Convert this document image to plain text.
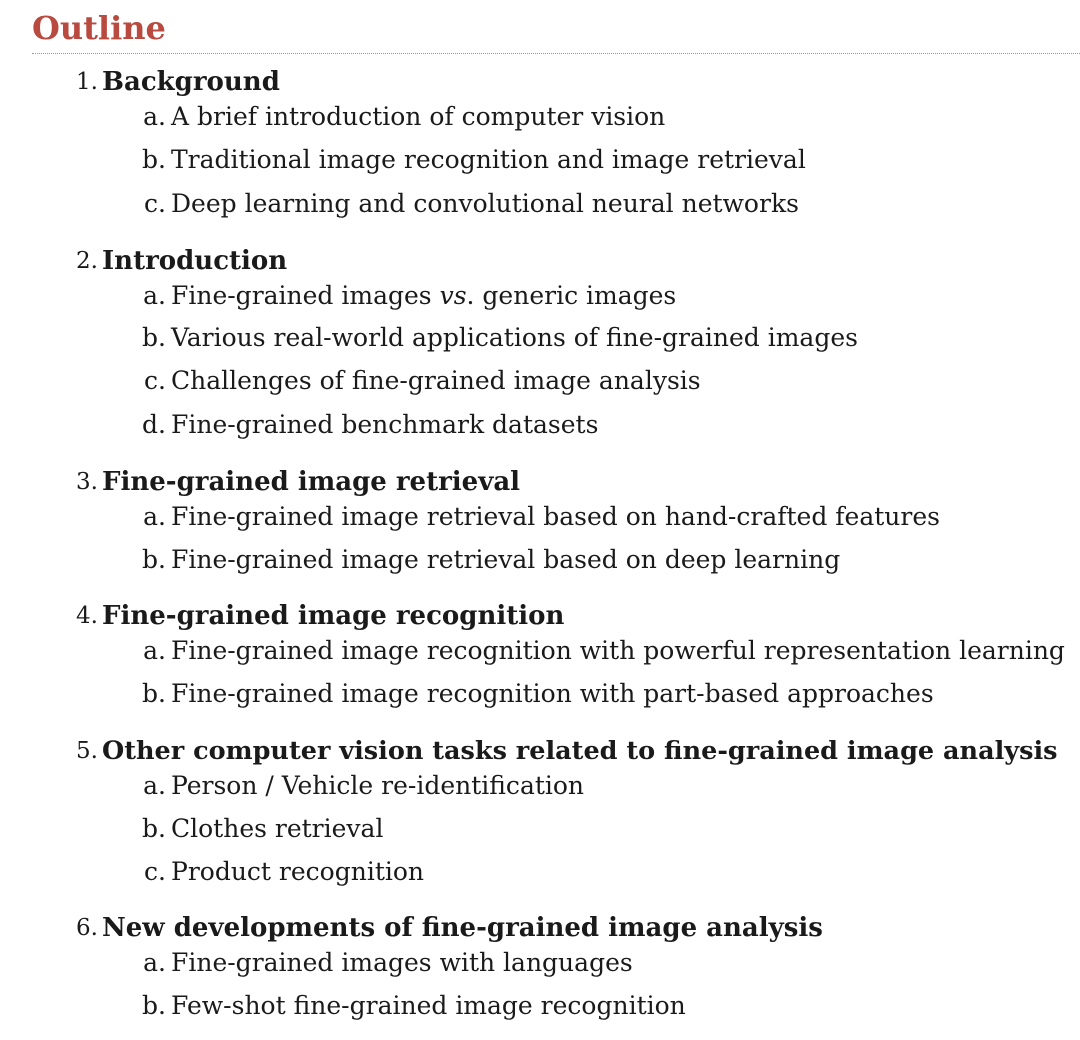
Outline
1. Background
a. A brief introduction of computer vision
b. Traditional image recognition and image retrieval
c. Deep learning and convolutional neural networks
2. Introduction
a. Fine-grained images vs. generic images
b. Various real-world applications of fine-grained images
c. Challenges of fine-grained image analysis
d. Fine-grained benchmark datasets
3. Fine-grained image retrieval
a. Fine-grained image retrieval based on hand-crafted features
b. Fine-grained image retrieval based on deep learning
4. Fine-grained image recognition
a. Fine-grained image recognition with powerful representation learning
b. Fine-grained image recognition with part-based approaches
5. Other computer vision tasks related to fine-grained image analysis
a. Person / Vehicle re-identification
b. Clothes retrieval
c. Product recognition
6. New developments of fine-grained image analysis
a. Fine-grained images with languages
b. Few-shot fine-grained image recognition
